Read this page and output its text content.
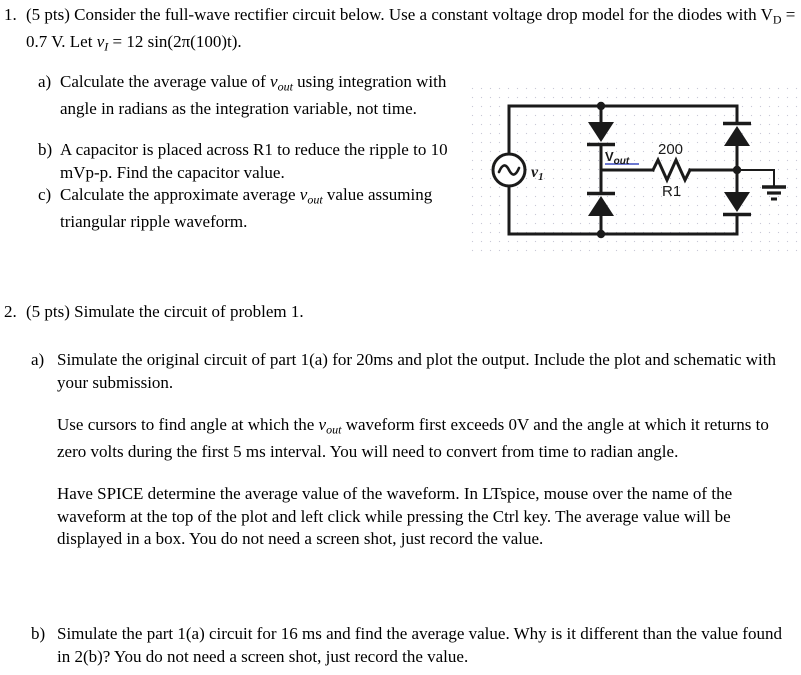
1. (5 pts) Consider the full-wave rectifier circuit below. Use a constant voltage drop model for the diodes with VD = 0.7 V. Let $v_I = 12$ sin(2π(100)t).
a) Calculate the average value of $v_{out}$ using integration with angle in radians as the integration variable, not time.
b) A capacitor is placed across R1 to reduce the ripple to 10 mVp-p. Find the capacitor value.
c) Calculate the approximate average $v_{out}$ value assuming triangular ripple waveform.
v1
$V_{out}$
200
R1
2. (5 pts) Simulate the circuit of problem 1.
a) Simulate the original circuit of part 1(a) for 20ms and plot the output. Include the plot and schematic with your submission.

Use cursors to find angle at which the $v_{out}$ waveform first exceeds 0V and the angle at which it returns to zero volts during the first 5 ms interval. You will need to convert from time to radian angle.

Have SPICE determine the average value of the waveform. In LTspice, mouse over the name of the waveform at the top of the plot and left click while pressing the Ctrl key. The average value will be displayed in a box. You do not need a screen shot, just record the value.

b) Simulate the part 1(a) circuit for 16 ms and find the average value. Why is it different than the value found in 2(b)? You do not need a screen shot, just record the value.
